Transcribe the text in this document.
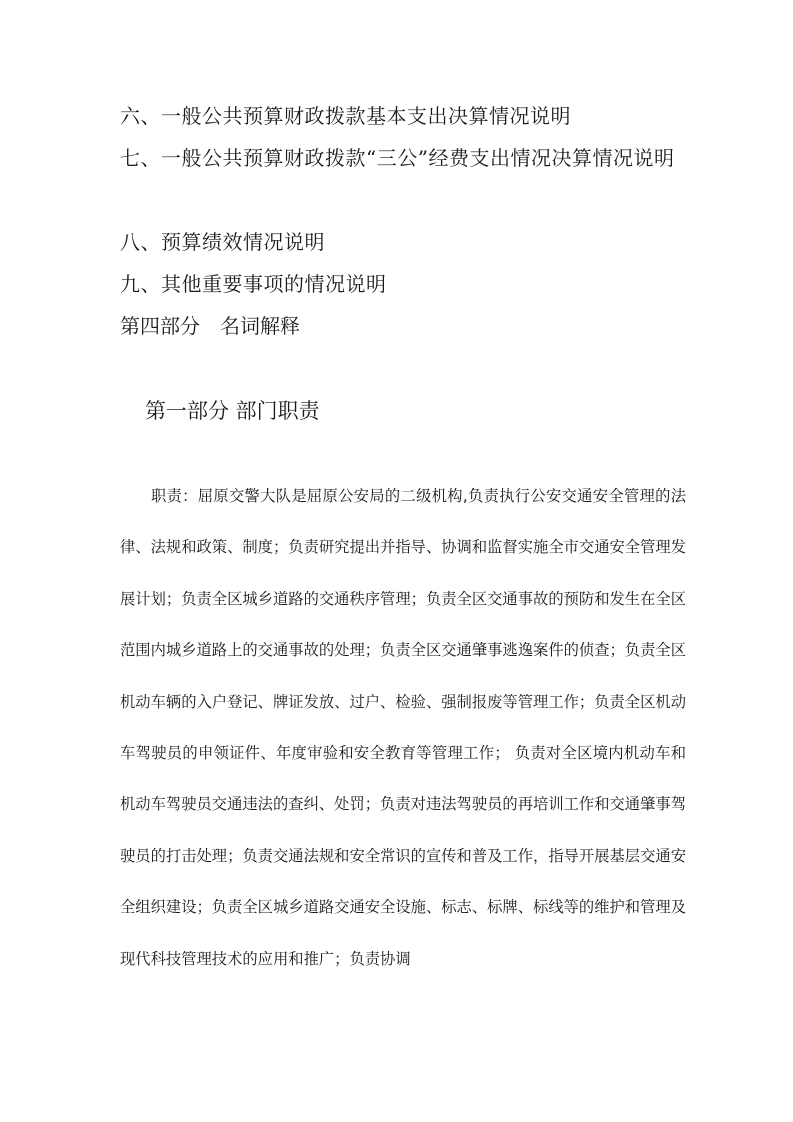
六、一般公共预算财政拨款基本支出决算情况说明
七、一般公共预算财政拨款“三公”经费支出情况决算情况说明
八、预算绩效情况说明
九、其他重要事项的情况说明
第四部分　名词解释
第一部分 部门职责
职责：屈原交警大队是屈原公安局的二级机构,负责执行公安交通安全管理的法律、法规和政策、制度；负责研究提出并指导、协调和监督实施全市交通安全管理发展计划；负责全区城乡道路的交通秩序管理；负责全区交通事故的预防和发生在全区范围内城乡道路上的交通事故的处理；负责全区交通肇事逃逸案件的侦查；负责全区机动车辆的入户登记、牌证发放、过户、检验、强制报废等管理工作；负责全区机动车驾驶员的申领证件、年度审验和安全教育等管理工作； 负责对全区境内机动车和机动车驾驶员交通违法的查纠、处罚；负责对违法驾驶员的再培训工作和交通肇事驾驶员的打击处理；负责交通法规和安全常识的宣传和普及工作，指导开展基层交通安全组织建设；负责全区城乡道路交通安全设施、标志、标牌、标线等的维护和管理及现代科技管理技术的应用和推广；负责协调
